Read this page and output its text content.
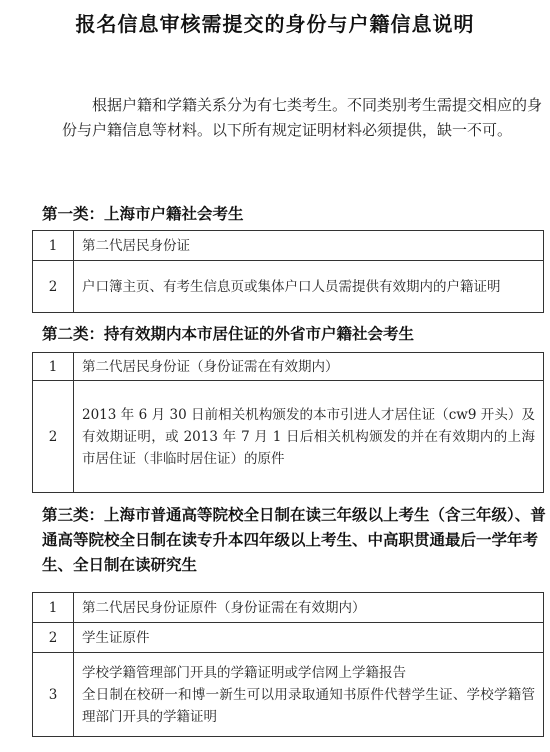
报名信息审核需提交的身份与户籍信息说明

根据户籍和学籍关系分为有七类考生。不同类别考生需提交相应的身份与户籍信息等材料。以下所有规定证明材料必须提供，缺一不可。

第一类：上海市户籍社会考生
1	第二代居民身份证
2	户口簿主页、有考生信息页或集体户口人员需提供有效期内的户籍证明
第二类：持有效期内本市居住证的外省市户籍社会考生
1	第二代居民身份证（身份证需在有效期内）
2	2013 年 6 月 30 日前相关机构颁发的本市引进人才居住证（cw9 开头）及有效期证明，或 2013 年 7 月 1 日后相关机构颁发的并在有效期内的上海市居住证（非临时居住证）的原件
第三类：上海市普通高等院校全日制在读三年级以上考生（含三年级）、普通高等院校全日制在读专升本四年级以上考生、中高职贯通最后一学年考生、全日制在读研究生
1	第二代居民身份证原件（身份证需在有效期内）
2	学生证原件
3	学校学籍管理部门开具的学籍证明或学信网上学籍报告
全日制在校研一和博一新生可以用录取通知书原件代替学生证、学校学籍管理部门开具的学籍证明
